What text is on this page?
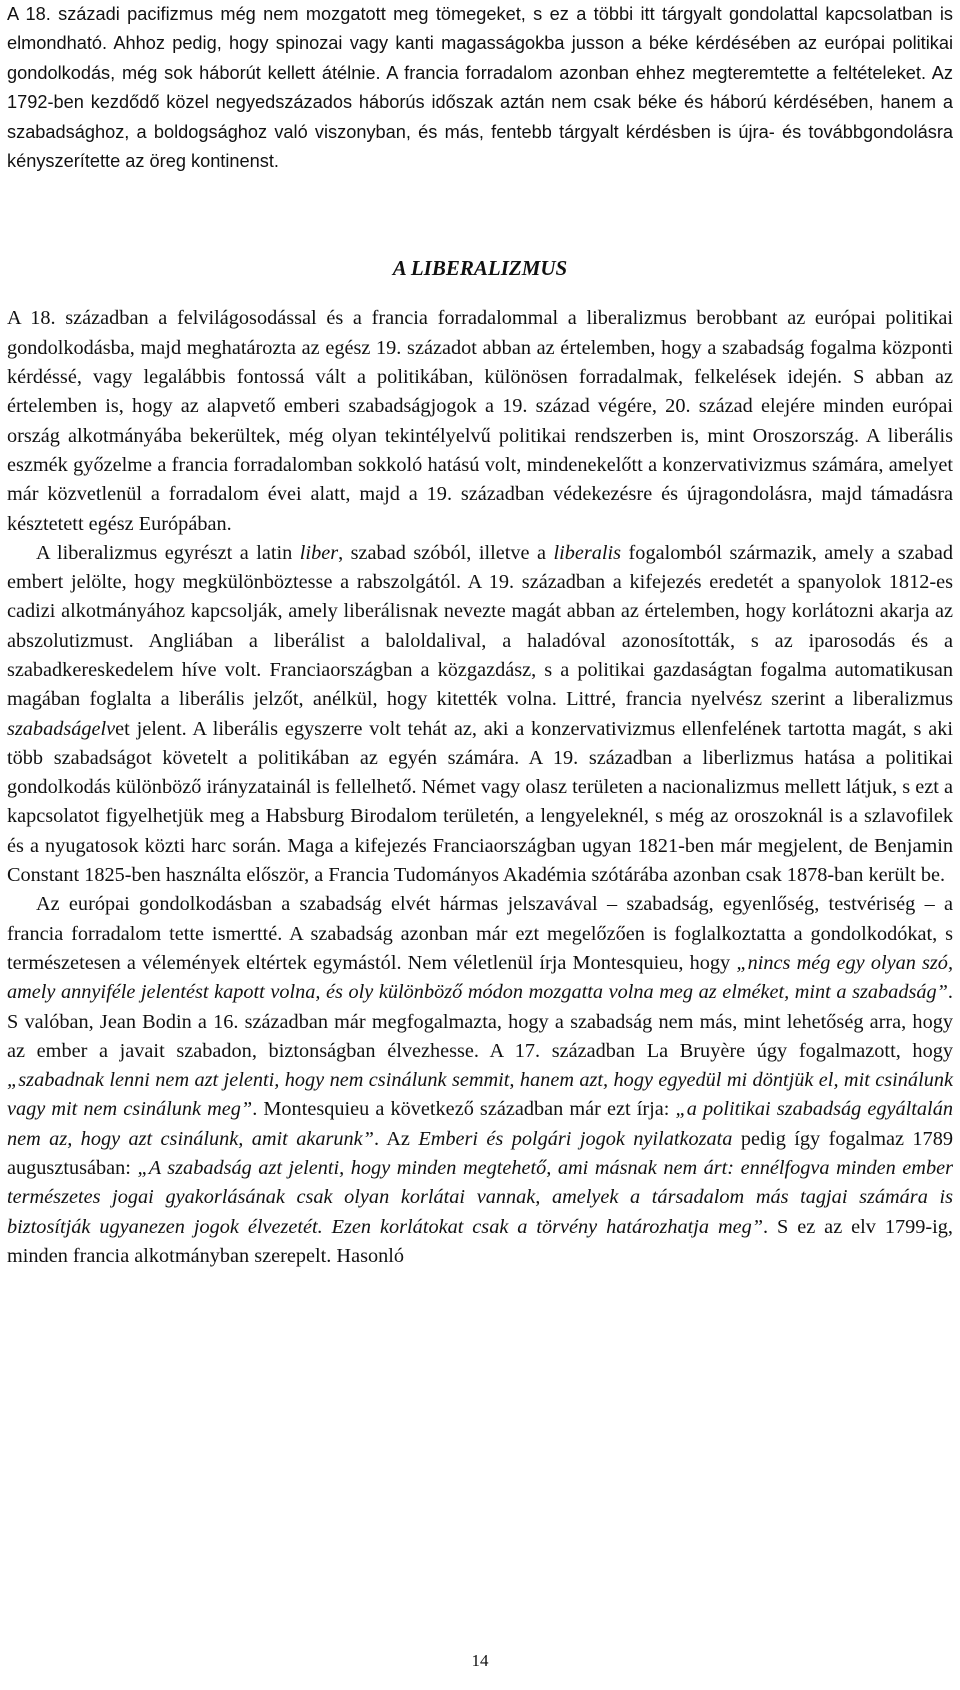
A 18. századi pacifizmus még nem mozgatott meg tömegeket, s ez a többi itt tárgyalt gondolattal kapcsolatban is elmondható. Ahhoz pedig, hogy spinozai vagy kanti magasságokba jusson a béke kérdésében az európai politikai gondolkodás, még sok háborút kellett átélnie. A francia forradalom azonban ehhez megteremtette a feltételeket. Az 1792-ben kezdődő közel negyedszázados háborús időszak aztán nem csak béke és háború kérdésében, hanem a szabadsághoz, a boldogsághoz való viszonyban, és más, fentebb tárgyalt kérdésben is újra- és továbbgondolásra kényszerítette az öreg kontinenst.

A LIBERALIZMUS

A 18. században a felvilágosodással és a francia forradalommal a liberalizmus berobbant az európai politikai gondolkodásba, majd meghatározta az egész 19. századot abban az értelemben, hogy a szabadság fogalma központi kérdéssé, vagy legalábbis fontossá vált a politikában, különösen forradalmak, felkelések idején. S abban az értelemben is, hogy az alapvető emberi szabadságjogok a 19. század végére, 20. század elejére minden európai ország alkotmányába bekerültek, még olyan tekintélyelvű politikai rendszerben is, mint Oroszország. A liberális eszmék győzelme a francia forradalomban sokkoló hatású volt, mindenekelőtt a konzervativizmus számára, amelyet már közvetlenül a forradalom évei alatt, majd a 19. században védekezésre és újragondolásra, majd támadásra késztetett egész Európában.

A liberalizmus egyrészt a latin liber, szabad szóból, illetve a liberalis fogalomból származik, amely a szabad embert jelölte, hogy megkülönböztesse a rabszolgától. A 19. században a kifejezés eredetét a spanyolok 1812-es cadizi alkotmányához kapcsolják, amely liberálisnak nevezte magát abban az értelemben, hogy korlátozni akarja az abszolutizmust. Angliában a liberálist a baloldalival, a haladóval azonosították, s az iparosodás és a szabadkereskedelem híve volt. Franciaországban a közgazdász, s a politikai gazdaságtan fogalma automatikusan magában foglalta a liberális jelzőt, anélkül, hogy kitették volna. Littré, francia nyelvész szerint a liberalizmus szabadságelvet jelent. A liberális egyszerre volt tehát az, aki a konzervativizmus ellenfelének tartotta magát, s aki több szabadságot követelt a politikában az egyén számára. A 19. században a liberlizmus hatása a politikai gondolkodás különböző irányzatainál is fellelhető. Német vagy olasz területen a nacionalizmus mellett látjuk, s ezt a kapcsolatot figyelhetjük meg a Habsburg Birodalom területén, a lengyeleknél, s még az oroszoknál is a szlavofilek és a nyugatosok közti harc során. Maga a kifejezés Franciaországban ugyan 1821-ben már megjelent, de Benjamin Constant 1825-ben használta először, a Francia Tudományos Akadémia szótárába azonban csak 1878-ban került be.

Az európai gondolkodásban a szabadság elvét hármas jelszavával – szabadság, egyenlőség, testvériség – a francia forradalom tette ismertté. A szabadság azonban már ezt megelőzően is foglalkoztatta a gondolkodókat, s természetesen a vélemények eltértek egymástól. Nem véletlenül írja Montesquieu, hogy „nincs még egy olyan szó, amely annyiféle jelentést kapott volna, és oly különböző módon mozgatta volna meg az elméket, mint a szabadság”. S valóban, Jean Bodin a 16. században már megfogalmazta, hogy a szabadság nem más, mint lehetőség arra, hogy az ember a javait szabadon, biztonságban élvezhesse. A 17. században La Bruyère úgy fogalmazott, hogy „szabadnak lenni nem azt jelenti, hogy nem csinálunk semmit, hanem azt, hogy egyedül mi döntjük el, mit csinálunk vagy mit nem csinálunk meg”. Montesquieu a következő században már ezt írja: „a politikai szabadság egyáltalán nem az, hogy azt csinálunk, amit akarunk”. Az Emberi és polgári jogok nyilatkozata pedig így fogalmaz 1789 augusztusában: „A szabadság azt jelenti, hogy minden megtehető, ami másnak nem árt: ennélfogva minden ember természetes jogai gyakorlásának csak olyan korlátai vannak, amelyek a társadalom más tagjai számára is biztosítják ugyanezen jogok élvezetét. Ezen korlátokat csak a törvény határozhatja meg”. S ez az elv 1799-ig, minden francia alkotmányban szerepelt. Hasonló

14
